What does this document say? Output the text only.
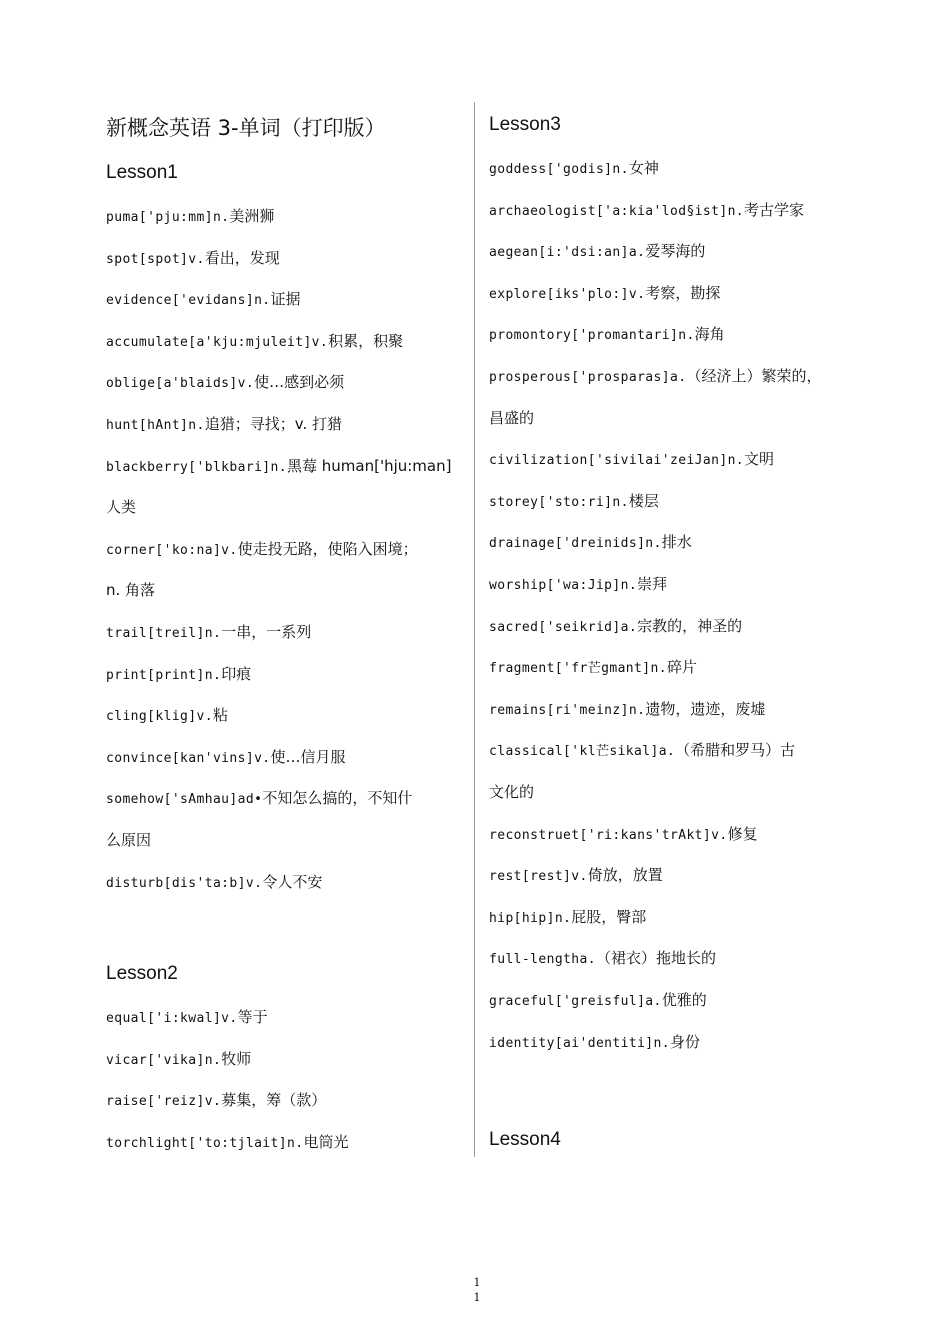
新概念英语 3-单词（打印版）
Lesson1
puma['pju:mm]n.美洲狮
spot[spot]v.看出，发现
evidence['evidans]n.证据
accumulate[a'kju:mjuleit]v.积累，积聚
oblige[a'blaids]v.使…感到必须
hunt[hAnt]n.追猎；寻找；v. 打猎
blackberry['blkbari]n.黑莓 human['hju:man]
人类
corner['ko:na]v.使走投无路，使陷入困境；
n. 角落
trail[treil]n.一串，一系列
print[print]n.印痕
cling[klig]v.粘
convince[kan'vins]v.使…信月服
somehow['sAmhau]ad•不知怎么搞的，不知什
么原因
disturb[dis'ta:b]v.令人不安
Lesson2
equal['i:kwal]v.等于
vicar['vika]n.牧师
raise['reiz]v.募集，筹（款）
torchlight['to:tjlait]n.电筒光
Lesson3
goddess['godis]n.女神
archaeologist['a:kia'lod§ist]n.考古学家
aegean[i:'dsi:an]a.爱琴海的
explore[iks'plo:]v.考察，勘探
promontory['promantari]n.海角
prosperous['prosparas]a.（经济上）繁荣的，
昌盛的
civilization['sivilai'zeiJan]n.文明
storey['sto:ri]n.楼层
drainage['dreinids]n.排水
worship['wa:Jip]n.崇拜
sacred['seikrid]a.宗教的，神圣的
fragment['fr芒gmant]n.碎片
remains[ri'meinz]n.遗物，遗迹，废墟
classical['kl芒sikal]a.（希腊和罗马）古
文化的
reconstruet['ri:kans'trAkt]v.修复
rest[rest]v.倚放，放置
hip[hip]n.屁股，臀部
full-lengtha.（裙衣）拖地长的
graceful['greisful]a.优雅的
identity[ai'dentiti]n.身份
Lesson4
1
1
